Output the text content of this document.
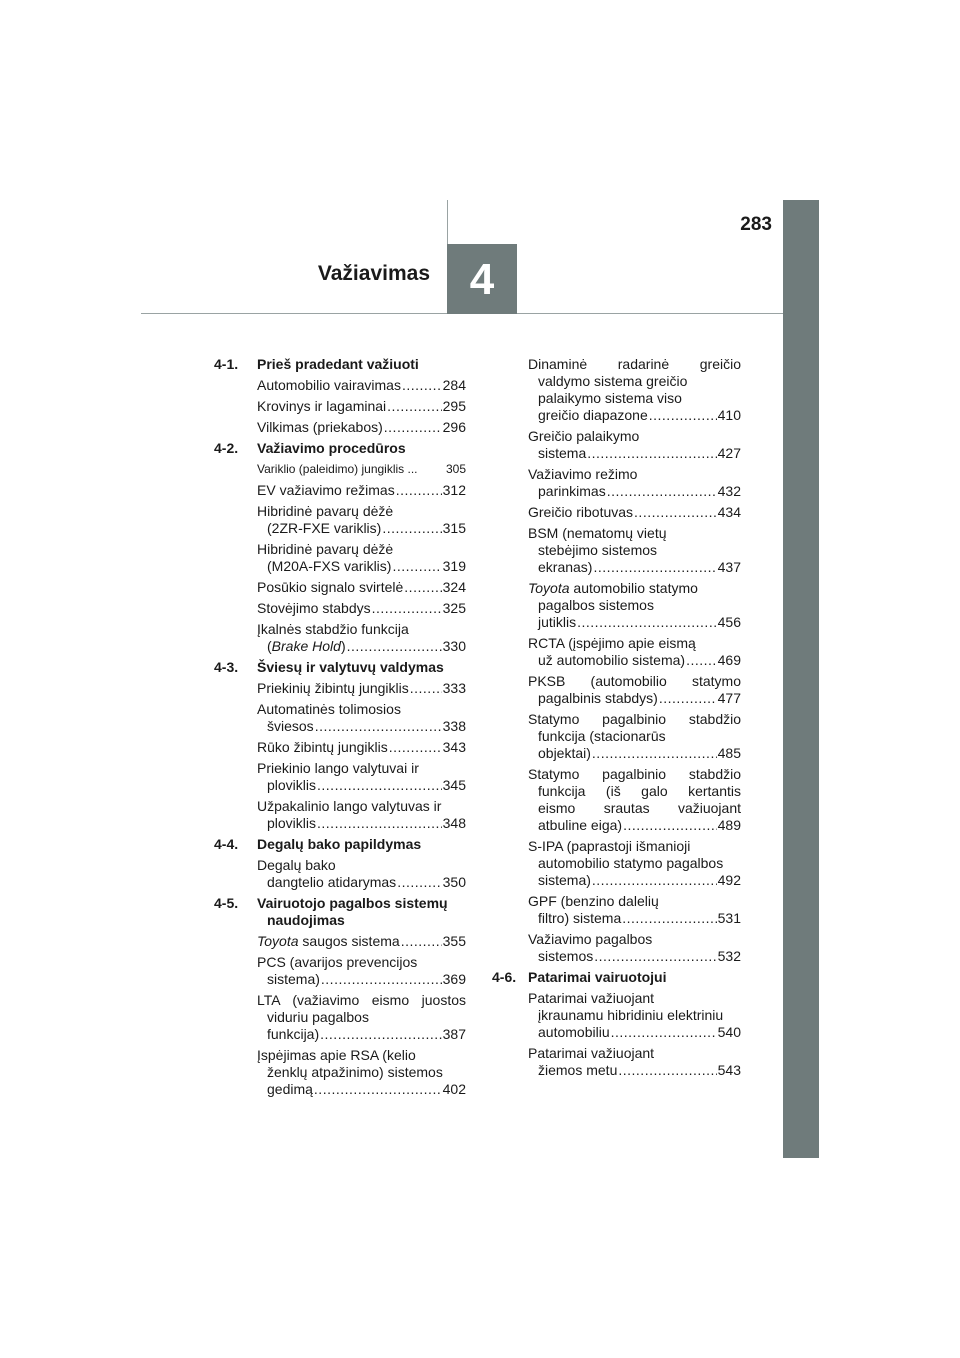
283
Važiavimas 4
4-1.	Prieš pradedant važiuoti
Automobilio vairavimas .....	284
Krovinys ir lagaminai .....	295
Vilkimas (priekabos) .....	296
4-2.	Važiavimo procedūros
Variklio (paleidimo) jungiklis ... 305
EV važiavimo režimas .....	312
Hibridinė pavarų dėžė
(2ZR-FXE variklis) .....	315
Hibridinė pavarų dėžė
(M20A-FXS variklis) .....	319
Posūkio signalo svirtelė .....	324
Stovėjimo stabdys .....	325
Įkalnės stabdžio funkcija
(Brake Hold) .....	330
4-3.	Šviesų ir valytuvų valdymas
Priekinių žibintų jungiklis ..... 333
Automatinės tolimosios
šviesos .....	338
Rūko žibintų jungiklis .....	343
Priekinio lango valytuvai ir
ploviklis .....	345
Užpakalinio lango valytuvas ir
ploviklis .....	348
4-4.	Degalų bako papildymas
Degalų bako
dangtelio atidarymas .....	350
4-5.	Vairuotojo pagalbos sistemų
naudojimas
Toyota saugos sistema .....	355
PCS (avarijos prevencijos
sistema) .....	369
LTA (važiavimo eismo juostos
viduriu pagalbos
funkcija) .....	387
Įspėjimas apie RSA (kelio
ženklų atpažinimo) sistemos
gedimą .....	402
Dinaminė radarinė greičio
valdymo sistema greičio
palaikymo sistema viso
greičio diapazone .....	410
Greičio palaikymo
sistema .....	427
Važiavimo režimo
parinkimas .....	432
Greičio ribotuvas .....	434
BSM (nematomų vietų
stebėjimo sistemos
ekranas) .....	437
Toyota automobilio statymo
pagalbos sistemos
jutiklis .....	456
RCTA (įspėjimo apie eismą
už automobilio sistema) ..... 469
PKSB (automobilio statymo
pagalbinis stabdys) .....	477
Statymo pagalbinio stabdžio
funkcija (stacionarūs
objektai) .....	485
Statymo pagalbinio stabdžio
funkcija (iš galo kertantis
eismo srautas važiuojant
atbuline eiga) .....	489
S-IPA (paprastoji išmanioji
automobilio statymo pagalbos
sistema) .....	492
GPF (benzino dalelių
filtro) sistema .....	531
Važiavimo pagalbos
sistemos .....	532
4-6. Patarimai vairuotojui
Patarimai važiuojant
įkraunamu hibridiniu elektriniu
automobiliu .....	540
Patarimai važiuojant
žiemos metu .....	543
